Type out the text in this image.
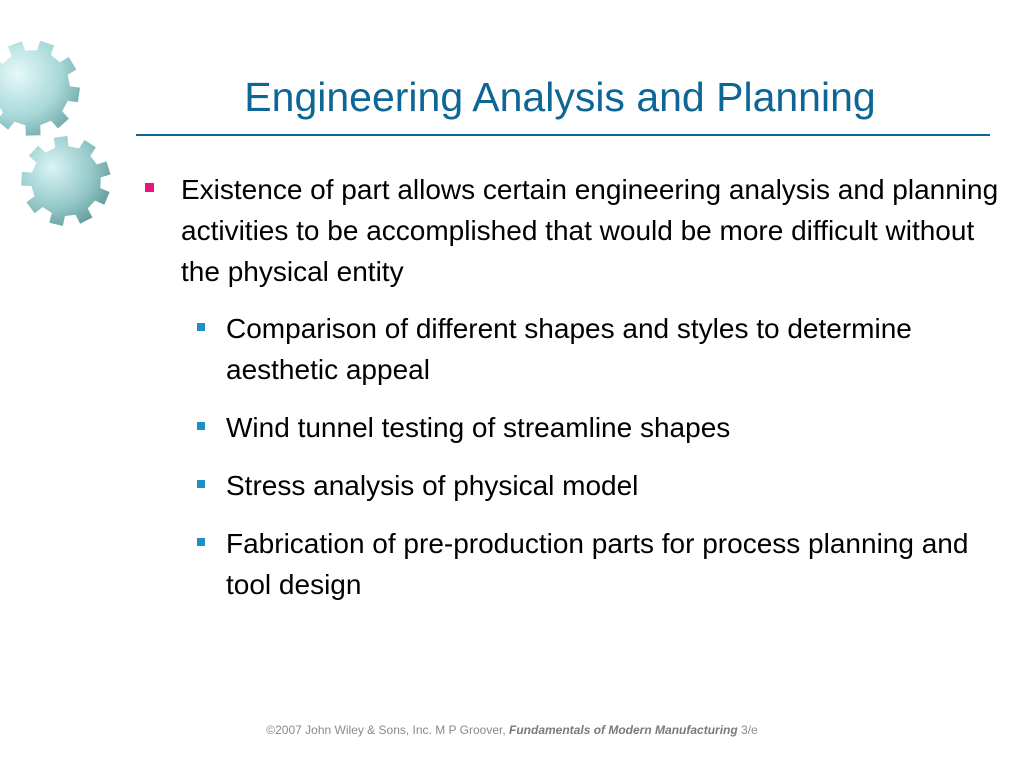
Engineering Analysis and Planning
Existence of part allows certain engineering analysis and planning activities to be accomplished that would be more difficult without the physical entity
Comparison of different shapes and styles to determine aesthetic appeal
Wind tunnel testing of streamline shapes
Stress analysis of physical model
Fabrication of pre-production parts for process planning and tool design
©2007 John Wiley & Sons, Inc. M P Groover, Fundamentals of Modern Manufacturing 3/e
